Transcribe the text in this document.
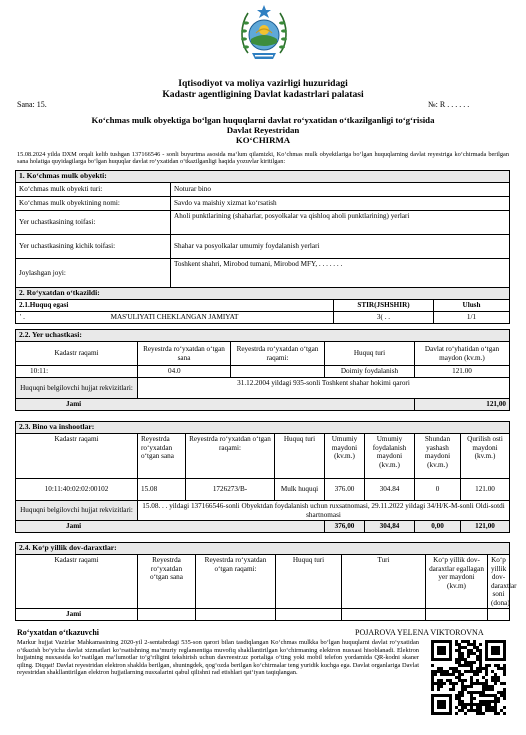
Iqtisodiyot va moliya vazirligi huzuridagi
Kadastr agentligining Davlat kadastrlari palatasi
Sana: 15.	№: R . . . . . .
Ko‘chmas mulk obyektiga bo‘lgan huquqlarni davlat ro‘yxatidan o‘tkazilganligi to‘g‘risida
Davlat Reyestridan
KO‘CHIRMA
15.08.2024 yilda DXM orqali kelib tushgan 137166546 - sonli buyurtma asosida ma‘lum qilamizki, Ko‘chmas mulk obyektlariga bo‘lgan huquqlarning davlat reyestriga ko‘chirmada berilgan sana holatiga quyidagilarga bo‘lgan huquqlar davlat ro‘yxatidan o‘tkazilganligi haqida yozuvlar kiritilgan:
1. Ko‘chmas mulk obyekti:	
Ko‘chmas mulk obyekti turi:	Noturar bino
Ko‘chmas mulk obyektining nomi:	Savdo va maishiy xizmat ko‘rsatish
Yer uchastkasining toifasi:	Aholi punktlarining (shaharlar, posyolkalar va qishloq aholi punktlarining) yerlari
Yer uchastkasining kichik toifasi:	Shahar va posyolkalar umumiy foydalanish yerlari
Joylashgan joyi:	Toshkent shahri, Mirobod tumani, Mirobod MFY, . . . . . . .
2. Ro‘yxatdan o‘tkazildi:		
2.1.Huquq egasi	STIR(JSHSHIR)	Ulush

' . MAS'ULIYATI CHEKLANGAN JAMIYAT	3( . .	1/1
2.2. Yer uchastkasi:				
Kadastr raqami	Reyestrda ro‘yxatdan o‘tgan sana	Reyestrda ro‘yxatdan o‘tgan raqami:	Huquq turi	Davlat ro‘yhatidan o‘tgan maydon (kv.m.)
10:11:	04.0		Doimiy foydalanish	121.00
Huquqni belgilovchi hujjat rekvizitlari:	31.12.2004 yildagi 935-sonli Toshkent shahar hokimi qarori			
Jami				121,00
2.3. Bino va inshootlar:							
Kadastr raqami	Reyestrda ro‘yxatdan o‘tgan sana	Reyestrda ro‘yxatdan o‘tgan raqami:	Huquq turi	Umumiy maydoni (kv.m.)	Umumiy foydalanish maydoni (kv.m.)	Shundan yashash maydoni (kv.m.)	Qurilish osti maydoni (kv.m.)
10:11:40:02:02:00102	15.08	1726273/B-	Mulk huquqi	376.00	304.84	0	121.00
Huquqni belgilovchi hujjat rekvizitlari:	15.08. . . yildagi 137166546-sonli Obyektdan foydalanish uchun ruxsatnomasi, 29.11.2022 yildagi 34/H/K-M-sonli Oldi-sotdi shartnomasi						
Jami				376,00	304,84	0,00	121,00
2.4. Ko‘p yillik dov-daraxtlar:						
Kadastr raqami	Reyestrda ro‘yxatdan o‘tgan sana	Reyestrda ro‘yxatdan o‘tgan raqami:	Huquq turi	Turi	Ko‘p yillik dov-daraxtlar egallagan yer maydoni (kv.m)	Ko‘p yillik dov-daraxtlar soni (dona)
Jami						
Ro‘yxatdan o‘tkazuvchi	POJAROVA YELENA VIKTOROVNA
Markur hujjat Vazirlar Mahkamasining 2020-yil 2-sentabrdagi 535-son qarori bilan tasdiqlangan Ko‘chmas mulkka bo‘lgan huquqlarni davlat ro‘yxatidan o‘tkazish bo‘yicha davlat xizmatlari ko‘rsatishning ma‘muriy reglamentiga muvofiq shakllantirilgan ko‘chirmaning elektron nusxasi hisoblanadi. Elektron hujjatning nusxasida ko‘rsatilgan ma‘lumotlar to‘g‘riligini tekshirish uchun davreestr.uz portaliga o‘ting yoki mobil telefon yordamida QR-kodni skaner qiling. Diqqat! Davlat reyestridan elektron shaklda berilgan, shuningdek, qog‘ozda berilgan ko‘chirmalar teng yuridik kuchga ega. Davlat organlariga Davlat reyestridan shakllantirilgan elektron hujjatlarning nusxalarini qabul qilishni rad etishlari qat‘iyan taqiqlangan.
